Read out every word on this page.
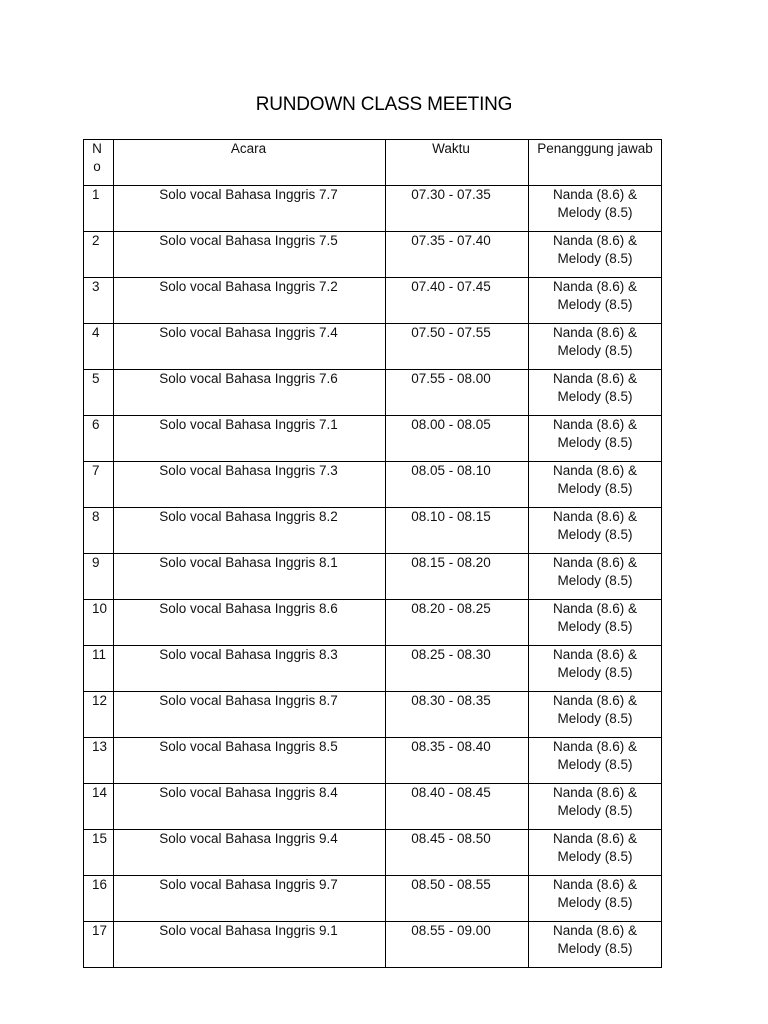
RUNDOWN CLASS MEETING
N o	Acara	Waktu	Penanggung jawab
1	Solo vocal Bahasa Inggris 7.7	07.30 - 07.35	Nanda (8.6) &
Melody (8.5)

2	Solo vocal Bahasa Inggris 7.5	07.35 - 07.40	Nanda (8.6) &
Melody (8.5)

3	Solo vocal Bahasa Inggris 7.2	07.40 - 07.45	Nanda (8.6) &
Melody (8.5)

4	Solo vocal Bahasa Inggris 7.4	07.50 - 07.55	Nanda (8.6) &
Melody (8.5)

5	Solo vocal Bahasa Inggris 7.6	07.55 - 08.00	Nanda (8.6) &
Melody (8.5)

6	Solo vocal Bahasa Inggris 7.1	08.00 - 08.05	Nanda (8.6) &
Melody (8.5)

7	Solo vocal Bahasa Inggris 7.3	08.05 - 08.10	Nanda (8.6) &
Melody (8.5)

8	Solo vocal Bahasa Inggris 8.2	08.10 - 08.15	Nanda (8.6) &
Melody (8.5)

9	Solo vocal Bahasa Inggris 8.1	08.15 - 08.20	Nanda (8.6) &
Melody (8.5)

10	Solo vocal Bahasa Inggris 8.6	08.20 - 08.25	Nanda (8.6) &
Melody (8.5)

11	Solo vocal Bahasa Inggris 8.3	08.25 - 08.30	Nanda (8.6) &
Melody (8.5)

12	Solo vocal Bahasa Inggris 8.7	08.30 - 08.35	Nanda (8.6) &
Melody (8.5)

13	Solo vocal Bahasa Inggris 8.5	08.35 - 08.40	Nanda (8.6) &
Melody (8.5)

14	Solo vocal Bahasa Inggris 8.4	08.40 - 08.45	Nanda (8.6) &
Melody (8.5)

15	Solo vocal Bahasa Inggris 9.4	08.45 - 08.50	Nanda (8.6) &
Melody (8.5)

16	Solo vocal Bahasa Inggris 9.7	08.50 - 08.55	Nanda (8.6) &
Melody (8.5)

17	Solo vocal Bahasa Inggris 9.1	08.55 - 09.00	Nanda (8.6) &
Melody (8.5)
